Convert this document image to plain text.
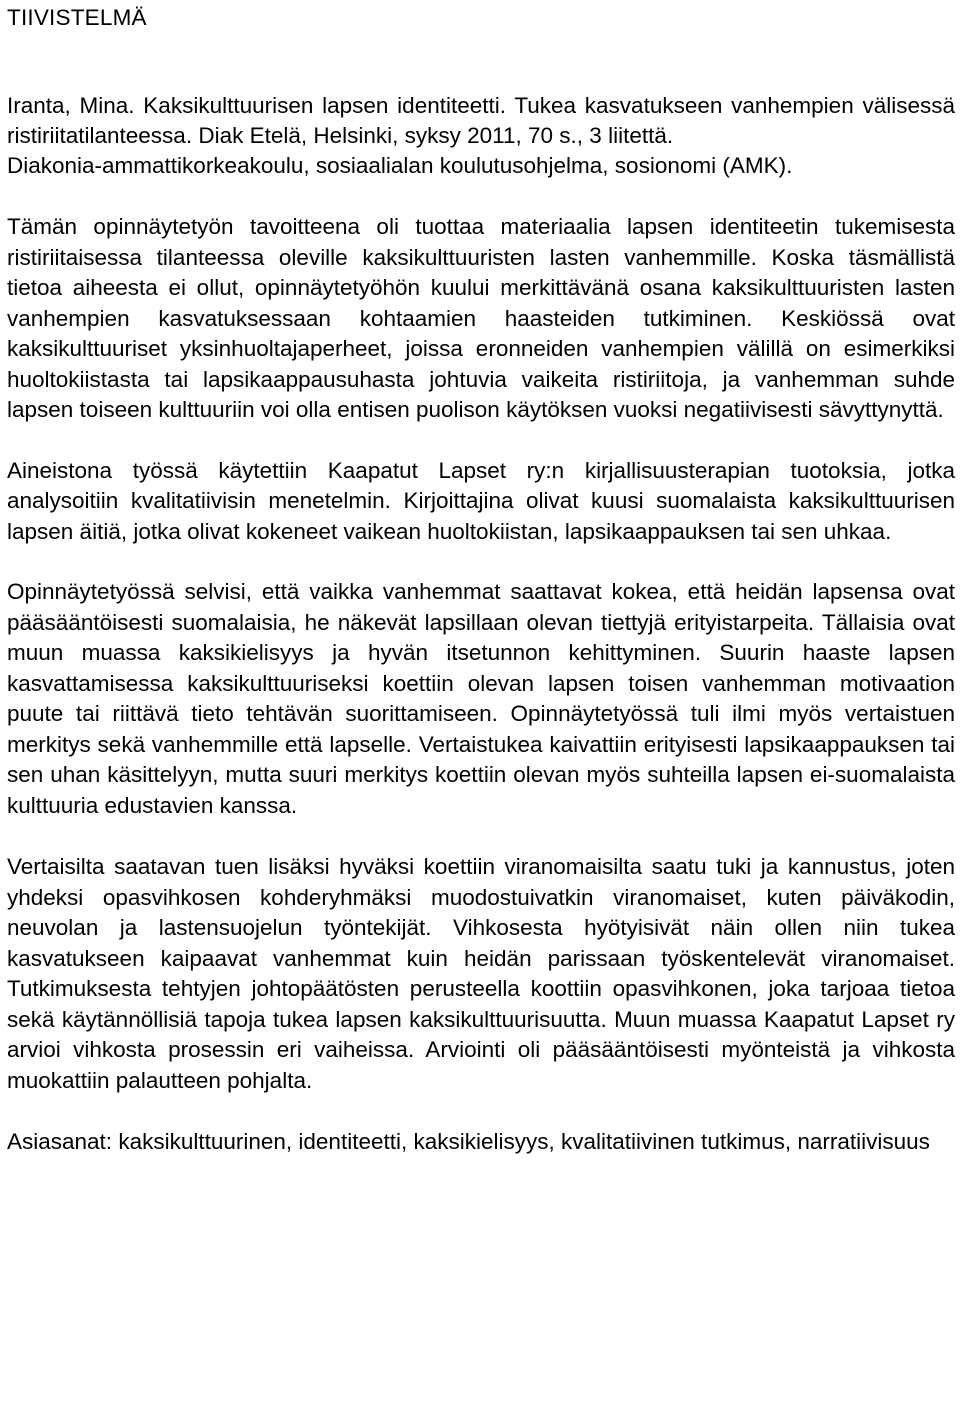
TIIVISTELMÄ

Iranta, Mina. Kaksikulttuurisen lapsen identiteetti. Tukea kasvatukseen vanhempien välisessä ristiriitatilanteessa. Diak Etelä, Helsinki, syksy 2011, 70 s., 3 liitettä.
Diakonia-ammattikorkeakoulu, sosiaalialan koulutusohjelma, sosionomi (AMK).

Tämän opinnäytetyön tavoitteena oli tuottaa materiaalia lapsen identiteetin tukemisesta ristiriitaisessa tilanteessa oleville kaksikulttuuristen lasten vanhemmille. Koska täsmällistä tietoa aiheesta ei ollut, opinnäytetyöhön kuului merkittävänä osana kaksikulttuuristen lasten vanhempien kasvatuksessaan kohtaamien haasteiden tutkiminen. Keskiössä ovat kaksikulttuuriset yksinhuoltajaperheet, joissa eronneiden vanhempien välillä on esimerkiksi huoltokiistasta tai lapsikaappausuhasta johtuvia vaikeita ristiriitoja, ja vanhemman suhde lapsen toiseen kulttuuriin voi olla entisen puolison käytöksen vuoksi negatiivisesti sävyttynyttä.

Aineistona työssä käytettiin Kaapatut Lapset ry:n kirjallisuusterapian tuotoksia, jotka analysoitiin kvalitatiivisin menetelmin. Kirjoittajina olivat kuusi suomalaista kaksikulttuurisen lapsen äitiä, jotka olivat kokeneet vaikean huoltokiistan, lapsikaappauksen tai sen uhkaa.

Opinnäytetyössä selvisi, että vaikka vanhemmat saattavat kokea, että heidän lapsensa ovat pääsääntöisesti suomalaisia, he näkevät lapsillaan olevan tiettyjä erityistarpeita. Tällaisia ovat muun muassa kaksikielisyys ja hyvän itsetunnon kehittyminen. Suurin haaste lapsen kasvattamisessa kaksikulttuuriseksi koettiin olevan lapsen toisen vanhemman motivaation puute tai riittävä tieto tehtävän suorittamiseen. Opinnäytetyössä tuli ilmi myös vertaistuen merkitys sekä vanhemmille että lapselle. Vertaistukea kaivattiin erityisesti lapsikaappauksen tai sen uhan käsittelyyn, mutta suuri merkitys koettiin olevan myös suhteilla lapsen ei-suomalaista kulttuuria edustavien kanssa.

Vertaisilta saatavan tuen lisäksi hyväksi koettiin viranomaisilta saatu tuki ja kannustus, joten yhdeksi opasvihkosen kohderyhmäksi muodostuivatkin viranomaiset, kuten päiväkodin, neuvolan ja lastensuojelun työntekijät. Vihkosesta hyötyisivät näin ollen niin tukea kasvatukseen kaipaavat vanhemmat kuin heidän parissaan työskentelevät viranomaiset. Tutkimuksesta tehtyjen johtopäätösten perusteella koottiin opasvihkonen, joka tarjoaa tietoa sekä käytännöllisiä tapoja tukea lapsen kaksikulttuurisuutta. Muun muassa Kaapatut Lapset ry arvioi vihkosta prosessin eri vaiheissa. Arviointi oli pääsääntöisesti myönteistä ja vihkosta muokattiin palautteen pohjalta.

Asiasanat: kaksikulttuurinen, identiteetti, kaksikielisyys, kvalitatiivinen tutkimus, narratiivisuus
